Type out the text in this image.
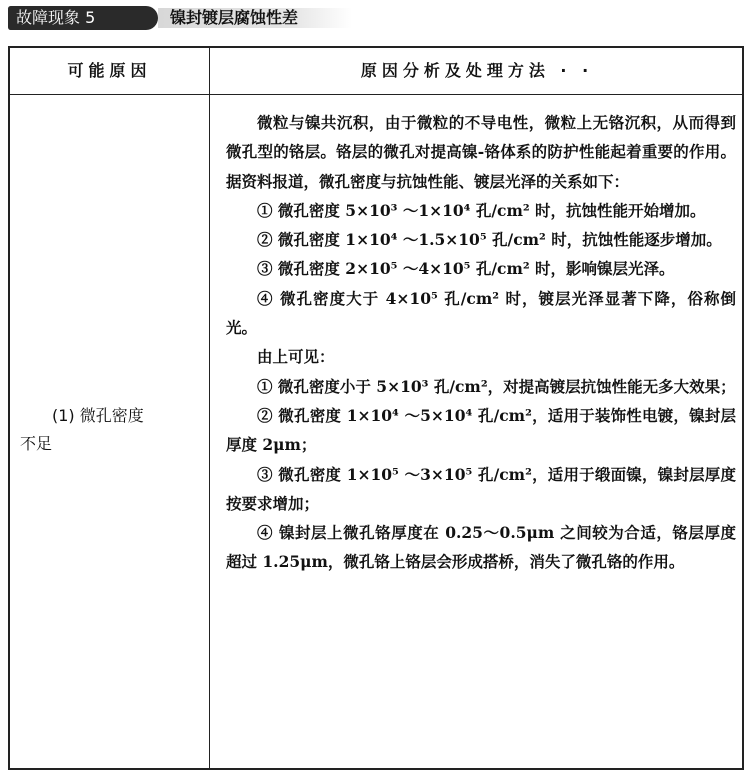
故障现象 5	镍封镀层腐蚀性差
可能原因	原因分析及处理方法 · ·
(1) 微孔密度
不足

微粒与镍共沉积，由于微粒的不导电性，微粒上无铬沉积，从而得到微孔型的铬层。铬层的微孔对提高镍-铬体系的防护性能起着重要的作用。据资料报道，微孔密度与抗蚀性能、镀层光泽的关系如下：

① 微孔密度 5×10³ ～1×10⁴ 孔/cm² 时，抗蚀性能开始增加。

② 微孔密度 1×10⁴ ～1.5×10⁵ 孔/cm² 时，抗蚀性能逐步增加。

③ 微孔密度 2×10⁵ ～4×10⁵ 孔/cm² 时，影响镍层光泽。

④ 微孔密度大于 4×10⁵ 孔/cm² 时，镀层光泽显著下降，俗称倒光。

由上可见：

① 微孔密度小于 5×10³ 孔/cm²，对提高镀层抗蚀性能无多大效果；

② 微孔密度 1×10⁴ ～5×10⁴ 孔/cm²，适用于装饰性电镀，镍封层厚度 2μm；

③ 微孔密度 1×10⁵ ～3×10⁵ 孔/cm²，适用于缎面镍，镍封层厚度按要求增加；

④ 镍封层上微孔铬厚度在 0.25～0.5μm 之间较为合适，铬层厚度超过 1.25μm，微孔铬上铬层会形成搭桥，消失了微孔铬的作用。
